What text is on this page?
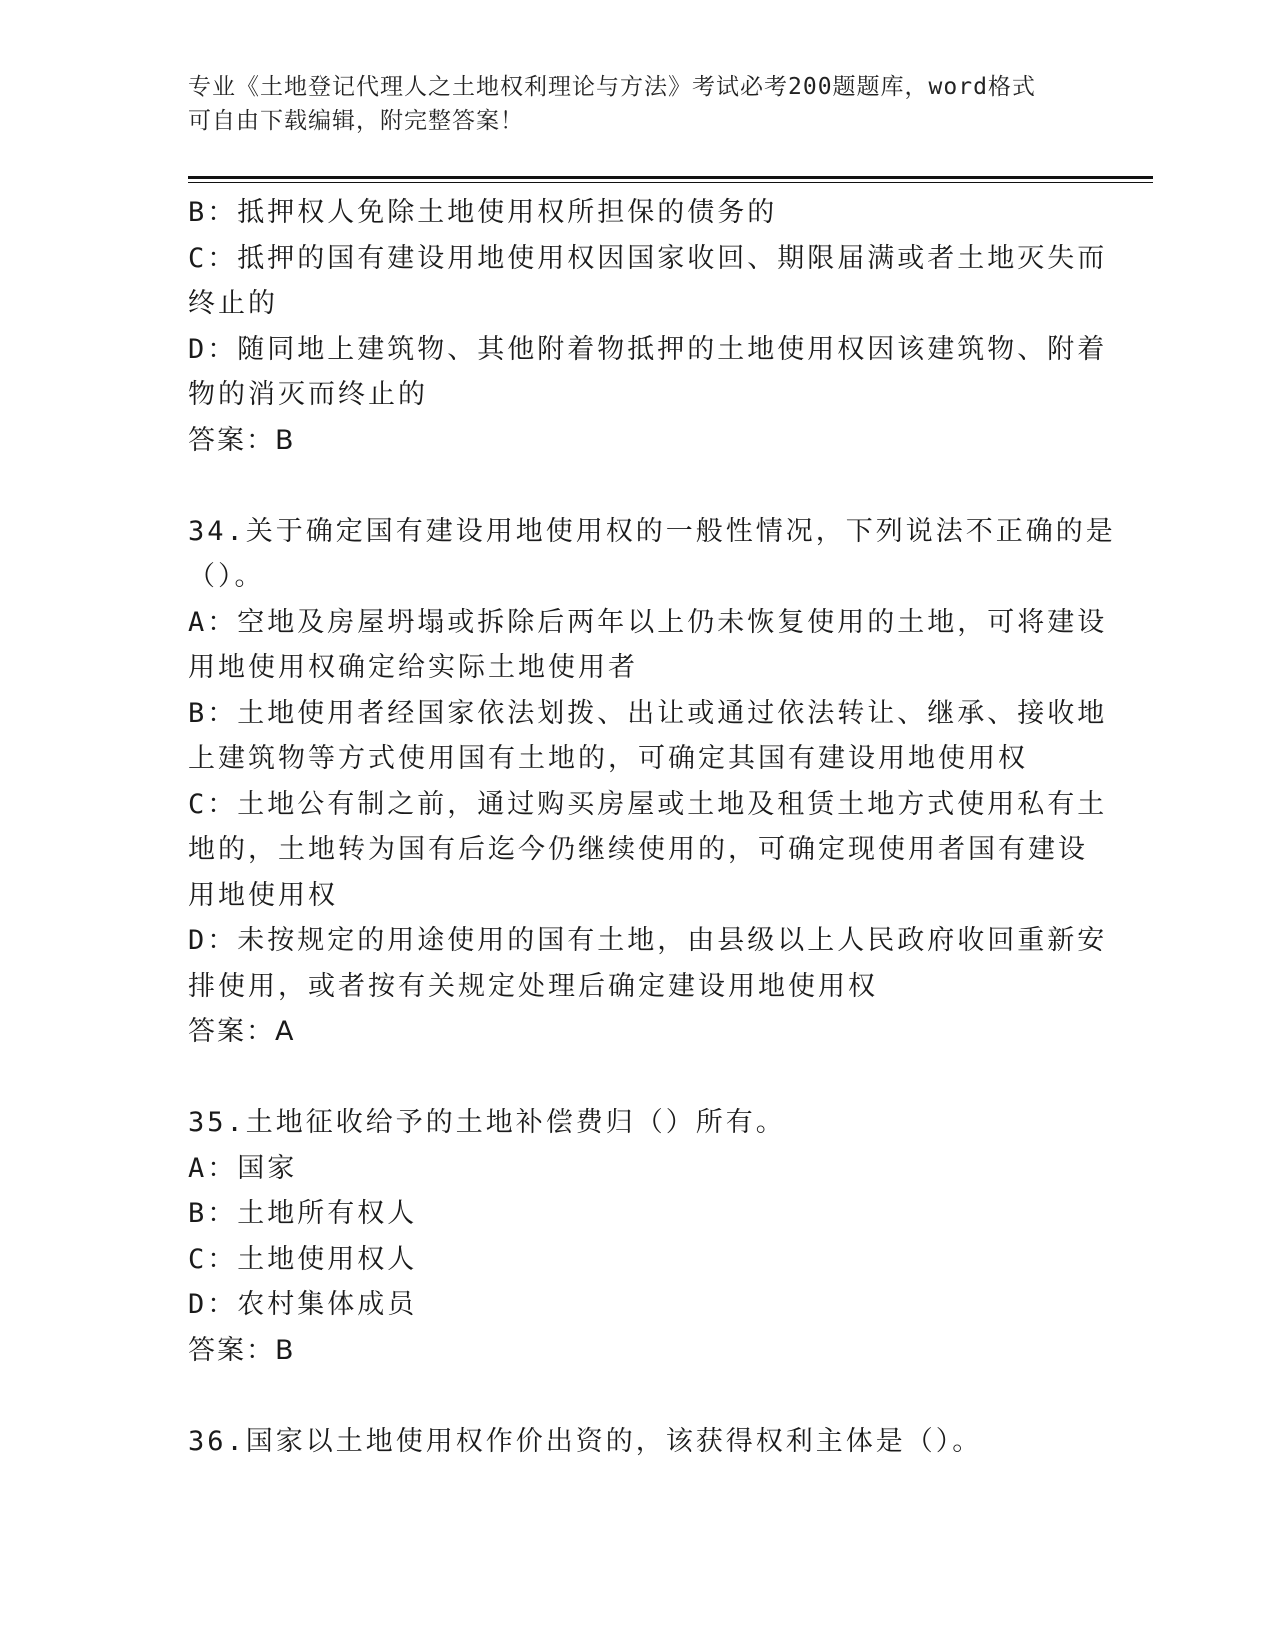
专业《土地登记代理人之土地权利理论与方法》考试必考200题题库，word格式
可自由下载编辑，附完整答案！
B：抵押权人免除土地使用权所担保的债务的
C：抵押的国有建设用地使用权因国家收回、期限届满或者土地灭失而
终止的
D：随同地上建筑物、其他附着物抵押的土地使用权因该建筑物、附着
物的消灭而终止的
答案：B
34.关于确定国有建设用地使用权的一般性情况，下列说法不正确的是
（）。
A：空地及房屋坍塌或拆除后两年以上仍未恢复使用的土地，可将建设
用地使用权确定给实际土地使用者
B：土地使用者经国家依法划拨、出让或通过依法转让、继承、接收地
上建筑物等方式使用国有土地的，可确定其国有建设用地使用权
C：土地公有制之前，通过购买房屋或土地及租赁土地方式使用私有土
地的，土地转为国有后迄今仍继续使用的，可确定现使用者国有建设
用地使用权
D：未按规定的用途使用的国有土地，由县级以上人民政府收回重新安
排使用，或者按有关规定处理后确定建设用地使用权
答案：A
35.土地征收给予的土地补偿费归（）所有。
A：国家
B：土地所有权人
C：土地使用权人
D：农村集体成员
答案：B
36.国家以土地使用权作价出资的，该获得权利主体是（）。
